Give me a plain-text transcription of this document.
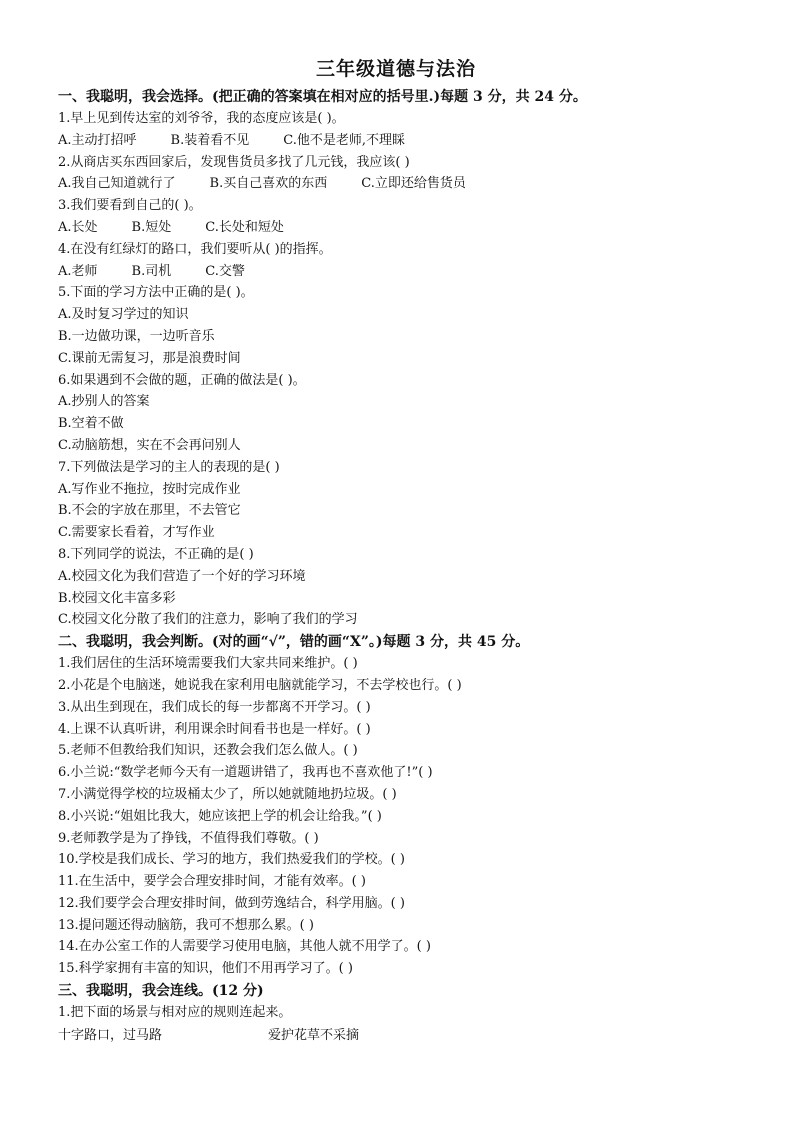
三年级道德与法治
一、我聪明，我会选择。(把正确的答案填在相对应的括号里.)每题 3 分，共 24 分。
1.早上见到传达室的刘爷爷，我的态度应该是( )。
A.主动打招呼	B.装着看不见	C.他不是老师,不理睬
2.从商店买东西回家后，发现售货员多找了几元钱，我应该( )
A.我自己知道就行了	B.买自己喜欢的东西	C.立即还给售货员
3.我们要看到自己的( )。
A.长处	B.短处	C.长处和短处
4.在没有红绿灯的路口，我们要听从( )的指挥。
A.老师	B.司机	C.交警
5.下面的学习方法中正确的是( )。
A.及时复习学过的知识
B.一边做功课，一边听音乐
C.课前无需复习，那是浪费时间
6.如果遇到不会做的题，正确的做法是( )。
A.抄别人的答案
B.空着不做
C.动脑筋想，实在不会再问别人
7.下列做法是学习的主人的表现的是( )
A.写作业不拖拉，按时完成作业
B.不会的字放在那里，不去管它
C.需要家长看着，才写作业
8.下列同学的说法，不正确的是( )
A.校园文化为我们营造了一个好的学习环境
B.校园文化丰富多彩
C.校园文化分散了我们的注意力，影响了我们的学习
二、我聪明，我会判断。(对的画“√”，错的画“X”。)每题 3 分，共 45 分。
1.我们居住的生活环境需要我们大家共同来维护。( )
2.小花是个电脑迷，她说我在家利用电脑就能学习，不去学校也行。( )
3.从出生到现在，我们成长的每一步都离不开学习。( )
4.上课不认真听讲，利用课余时间看书也是一样好。( )
5.老师不但教给我们知识，还教会我们怎么做人。( )
6.小兰说:“数学老师今天有一道题讲错了，我再也不喜欢他了!”( )
7.小满觉得学校的垃圾桶太少了，所以她就随地扔垃圾。( )
8.小兴说:“姐姐比我大，她应该把上学的机会让给我。”( )
9.老师教学是为了挣钱，不值得我们尊敬。( )
10.学校是我们成长、学习的地方，我们热爱我们的学校。( )
11.在生活中，要学会合理安排时间，才能有效率。( )
12.我们要学会合理安排时间，做到劳逸结合，科学用脑。( )
13.提问题还得动脑筋，我可不想那么累。( )
14.在办公室工作的人需要学习使用电脑，其他人就不用学了。( )
15.科学家拥有丰富的知识，他们不用再学习了。( )
三、我聪明，我会连线。(12 分)
1.把下面的场景与相对应的规则连起来。
十字路口，过马路	爱护花草不采摘
